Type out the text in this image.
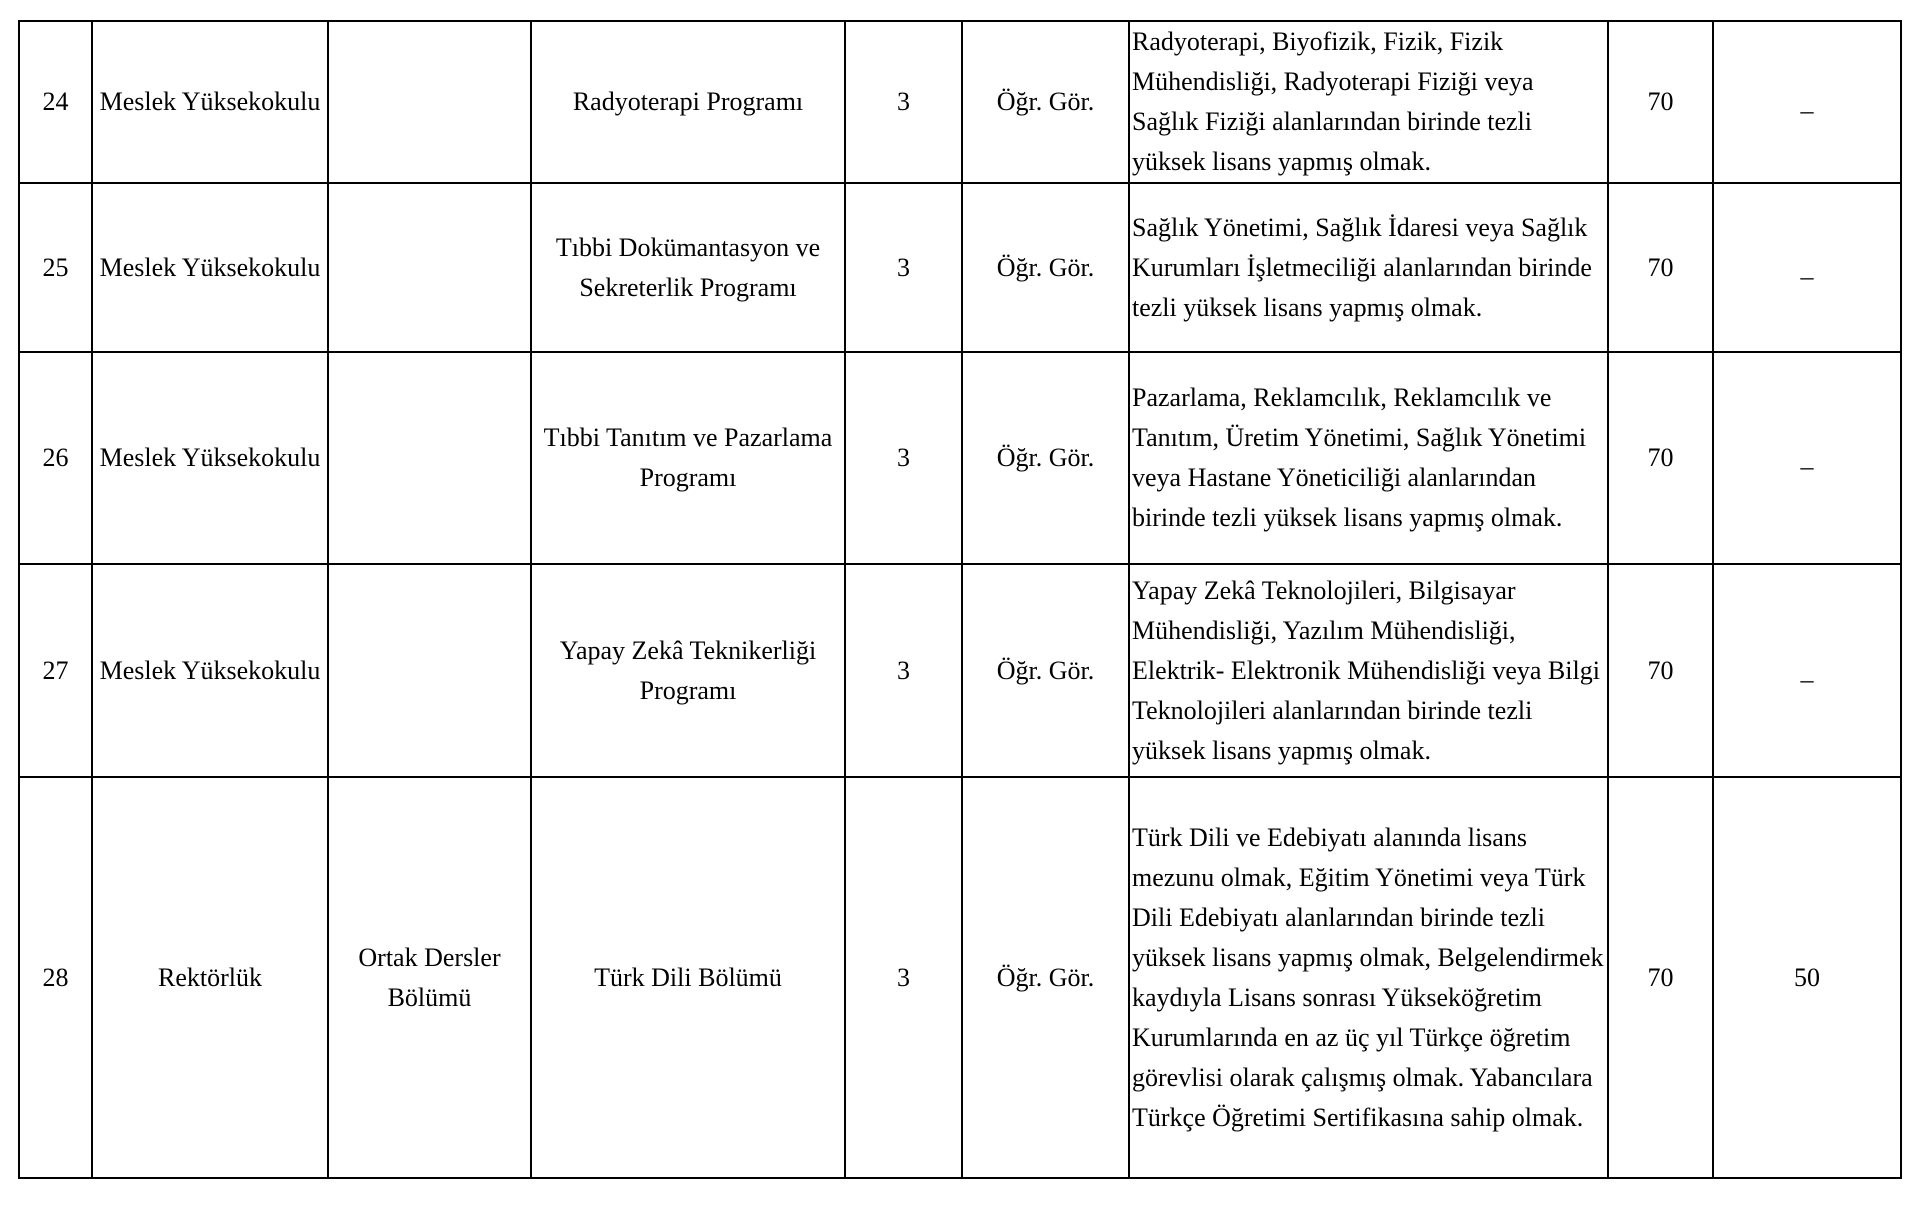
24	Meslek Yüksekokulu		Radyoterapi Programı	3	Öğr. Gör.	Radyoterapi, Biyofizik, Fizik, Fizik Mühendisliği, Radyoterapi Fiziği veya Sağlık Fiziği alanlarından birinde tezli yüksek lisans yapmış olmak.	70	_
25	Meslek Yüksekokulu		Tıbbi Dokümantasyon ve Sekreterlik Programı	3	Öğr. Gör.	Sağlık Yönetimi, Sağlık İdaresi veya Sağlık Kurumları İşletmeciliği alanlarından birinde tezli yüksek lisans yapmış olmak.	70	_
26	Meslek Yüksekokulu		Tıbbi Tanıtım ve Pazarlama Programı	3	Öğr. Gör.	Pazarlama, Reklamcılık, Reklamcılık ve Tanıtım, Üretim Yönetimi, Sağlık Yönetimi veya Hastane Yöneticiliği alanlarından birinde tezli yüksek lisans yapmış olmak.	70	_
27	Meslek Yüksekokulu		Yapay Zekâ Teknikerliği Programı	3	Öğr. Gör.	Yapay Zekâ Teknolojileri, Bilgisayar Mühendisliği, Yazılım Mühendisliği, Elektrik- Elektronik Mühendisliği veya Bilgi Teknolojileri alanlarından birinde tezli yüksek lisans yapmış olmak.	70	_
28	Rektörlük	Ortak Dersler Bölümü	Türk Dili Bölümü	3	Öğr. Gör.	Türk Dili ve Edebiyatı alanında lisans mezunu olmak, Eğitim Yönetimi veya Türk Dili Edebiyatı alanlarından birinde tezli yüksek lisans yapmış olmak, Belgelendirmek kaydıyla Lisans sonrası Yükseköğretim Kurumlarında en az üç yıl Türkçe öğretim görevlisi olarak çalışmış olmak. Yabancılara Türkçe Öğretimi Sertifikasına sahip olmak.	70	50
